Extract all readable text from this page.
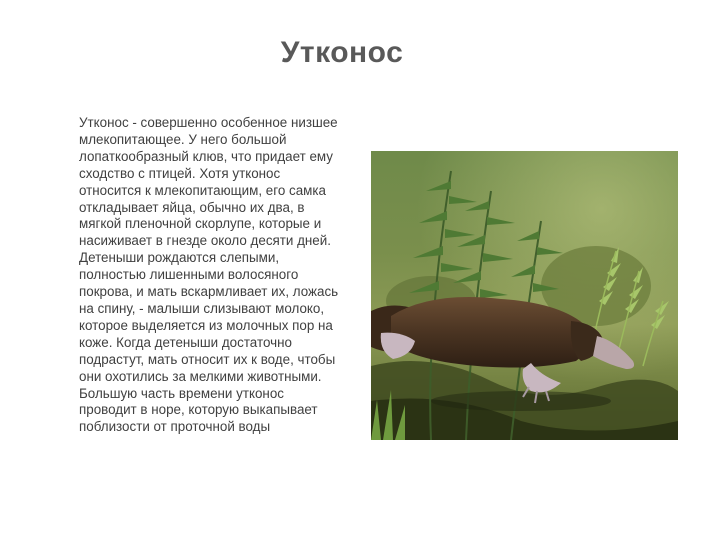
Утконос

Утконос - совершенно особенное низшее млекопитающее. У него большой лопаткообразный клюв, что придает ему сходство с птицей. Хотя утконос относится к млекопитающим, его самка откладывает яйца, обычно их два, в мягкой пленочной скорлупе, которые и насиживает в гнезде около десяти дней. Детеныши рождаются слепыми, полностью лишенными волосяного покрова, и мать вскармливает их, ложась на спину, - малыши слизывают молоко, которое выделяется из молочных пор на коже. Когда детеныши достаточно подрастут, мать относит их к воде, чтобы они охотились за мелкими животными. Большую часть времени утконос проводит в норе, которую выкапывает поблизости от проточной воды
